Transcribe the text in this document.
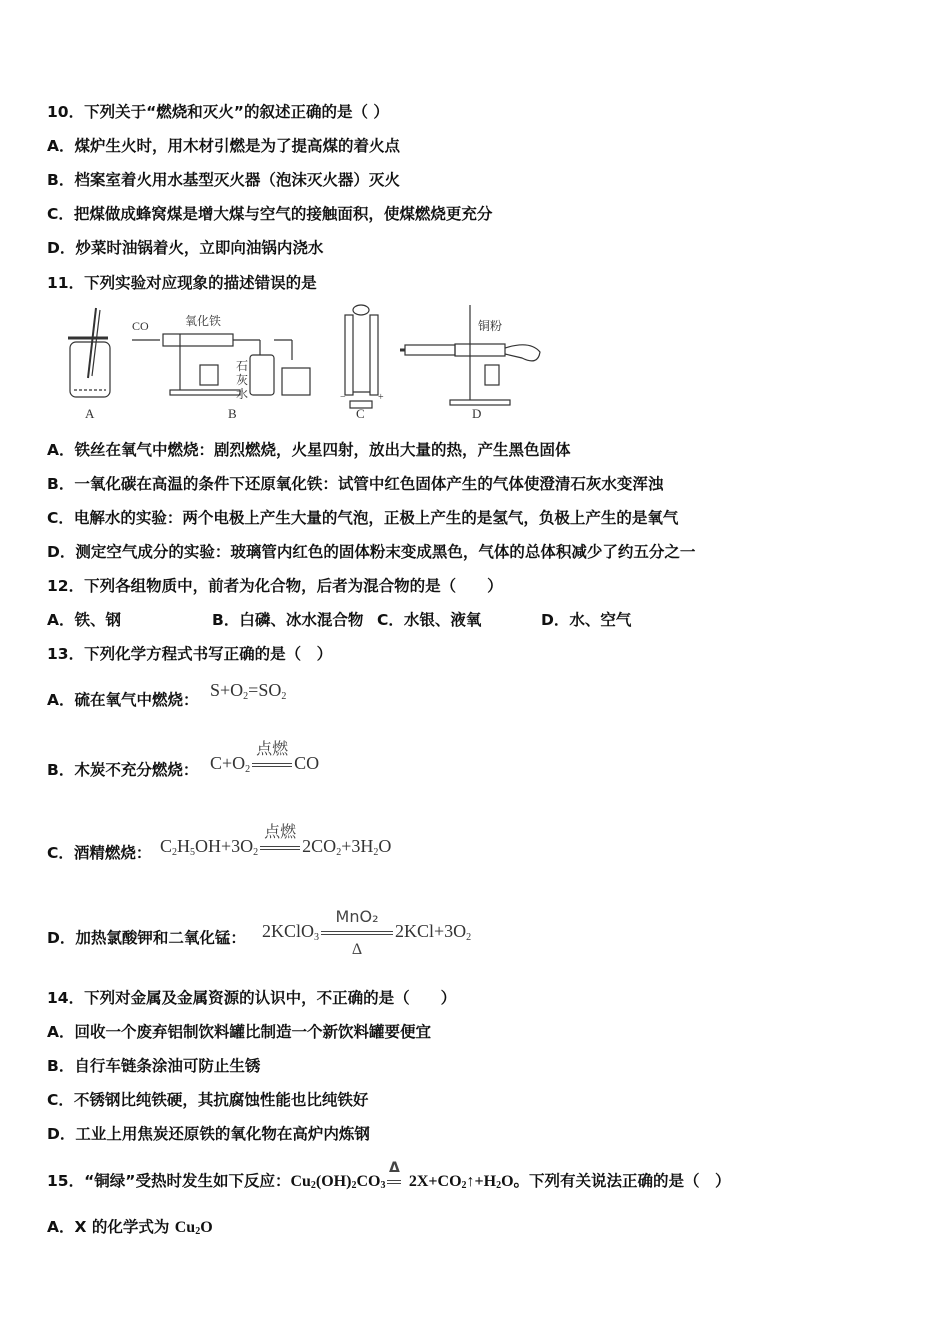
10．下列关于“燃烧和灭火”的叙述正确的是（ ）
A．煤炉生火时，用木材引燃是为了提高煤的着火点
B．档案室着火用水基型灭火器（泡沫灭火器）灭火
C．把煤做成蜂窝煤是增大煤与空气的接触面积，使煤燃烧更充分
D．炒菜时油锅着火，立即向油锅内浇水
11．下列实验对应现象的描述错误的是
A
CO	氧化铁
石
灰
水
B
−	+
C
铜粉
D
A．铁丝在氧气中燃烧：剧烈燃烧，火星四射，放出大量的热，产生黑色固体
B．一氧化碳在高温的条件下还原氧化铁：试管中红色固体产生的气体使澄清石灰水变浑浊
C．电解水的实验：两个电极上产生大量的气泡，正极上产生的是氢气，负极上产生的是氧气
D．测定空气成分的实验：玻璃管内红色的固体粉末变成黑色，气体的总体积减少了约五分之一
12．下列各组物质中，前者为化合物，后者为混合物的是（　　）
A．铁、钢	B．白磷、冰水混合物 C．水银、液氧	D．水、空气
13．下列化学方程式书写正确的是（　）
A．硫在氧气中燃烧： $S+O_2=SO_2$
B．木炭不充分燃烧： $C+O_2$
点燃
CO
C．酒精燃烧： $C_2H_5OH+3O_2$
点燃
$2CO_2+3H_2O$
D．加热氯酸钾和二氧化锰： 2KClO$_3$
MnO₂
Δ
$2KCl+3O_2$
14．下列对金属及金属资源的认识中，不正确的是（　　）
A．回收一个废弃铝制饮料罐比制造一个新饮料罐要便宜
B．自行车链条涂油可防止生锈
C．不锈钢比纯铁硬，其抗腐蚀性能也比纯铁好
D．工业上用焦炭还原铁的氧化物在高炉内炼钢
15．“铜绿”受热时发生如下反应：$Cu_2(OH)_2CO_3$
Δ
$2X+CO_2↑+H_2O$。下列有关说法正确的是（　）
A．X 的化学式为 $Cu_2O$
